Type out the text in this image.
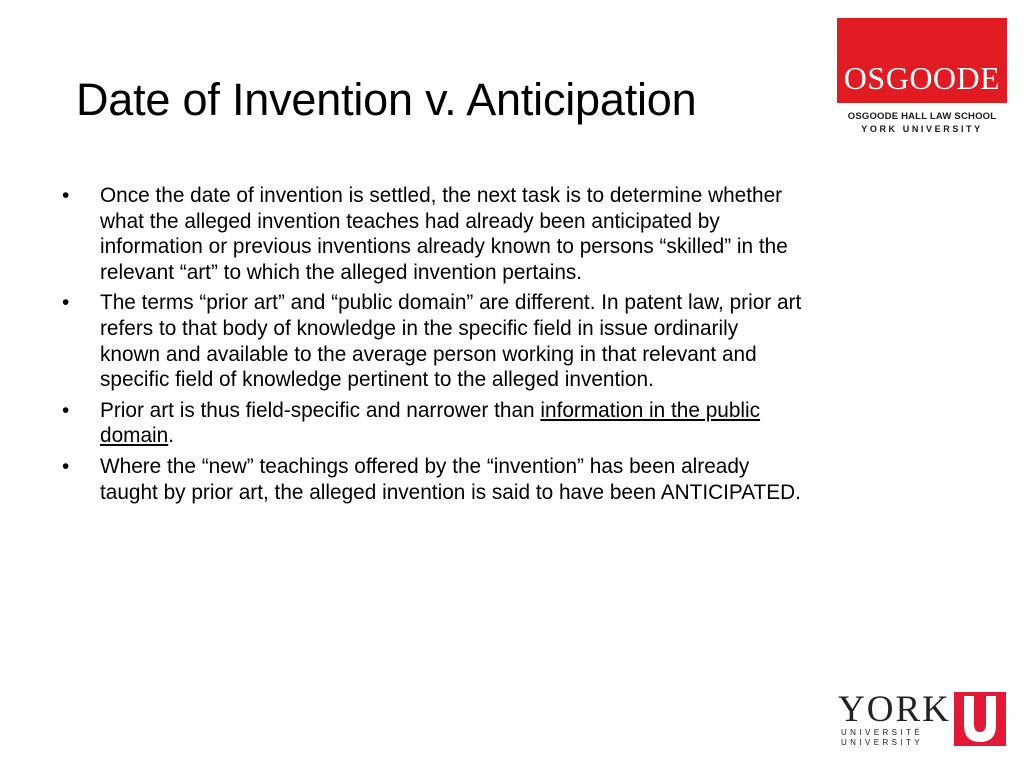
Date of Invention v. Anticipation
• Once the date of invention is settled, the next task is to determine whether what the alleged invention teaches had already been anticipated by information or previous inventions already known to persons “skilled” in the relevant “art” to which the alleged invention pertains.
• The terms “prior art” and “public domain” are different. In patent law, prior art refers to that body of knowledge in the specific field in issue ordinarily known and available to the average person working in that relevant and specific field of knowledge pertinent to the alleged invention.
• Prior art is thus field-specific and narrower than information in the public domain.
• Where the “new” teachings offered by the “invention” has been already taught by prior art, the alleged invention is said to have been ANTICIPATED.
OSGOODE
OSGOODE HALL LAW SCHOOL
YORK UNIVERSITY
YORK
UNIVERSITÉ
UNIVERSITY
